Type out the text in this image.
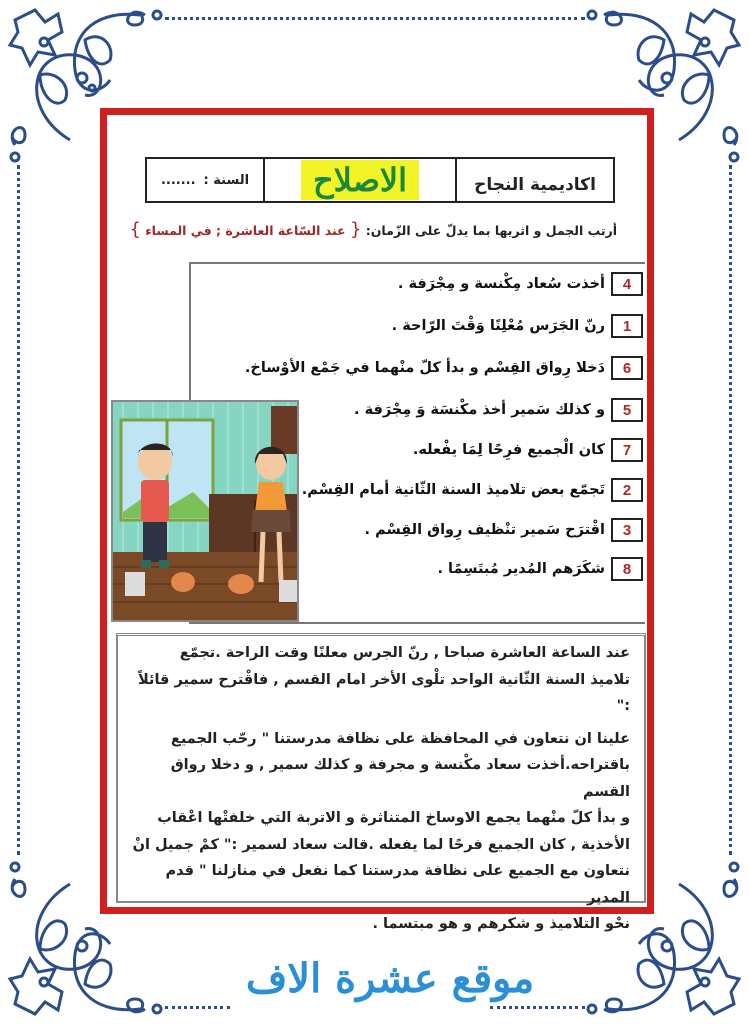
اكاديمية النجاح
الاصلاح
السنة :
.......
أرتب الجمل و اثريها بما يدلّ على الزّمان: { عند السّاعة العاشرة ; في المساء }
4
أخذت سُعاد مِكْنسة و مِجْرَفة .
1
رنّ الجَرَس مُعْلِنًا وَقْتَ الرّاحة .
6
دَخلا رِواق القِسْم و بدأ كلّ منْهما في جَمْع الأوْساخ.
5
و كذلك سَمير أخذ مكْنسَة وَ مِجْرَفة .
7
كان الْجميع فرِحًا لِمَا يفْعله.
2
تَجمّع بعض تلاميذ السنة الثّانية أمام القِسْم.
3
اقْترَح سَمير تنْظيف رِواق القِسْم .
8
شكَرَهم المُدير مُبتَسِمًا .
عند الساعة العاشرة صباحا , رنّ الجرس معلنًا وقت الراحة .تجمّع
تلاميذ السنة الثّانية الواحد تلْوى الأخر امام القسم , فاقْترح سمير قائلاً :"
علينا ان نتعاون في المحافظة على نظافة مدرستنا " رحّب الجميع
باقتراحه.أخذت سعاد مكْنسة و مجرفة و كذلك سمير , و دخلا رواق القسم
و بدأ كلّ منْهما يجمع الاوساخ المتناثرة و الاتربة التي خلفتْها اعْقاب
الأخذية , كان الجميع فرحًا لما يفعله .قالت سعاد لسمير :" كمْ جميل انْ
نتعاون مع الجميع على نظافة مدرستنا كما نفعل في منازلنا " قدم المدير
نحْو التلاميذ و شكرهم و هو مبتسما .
موقع عشرة الاف
